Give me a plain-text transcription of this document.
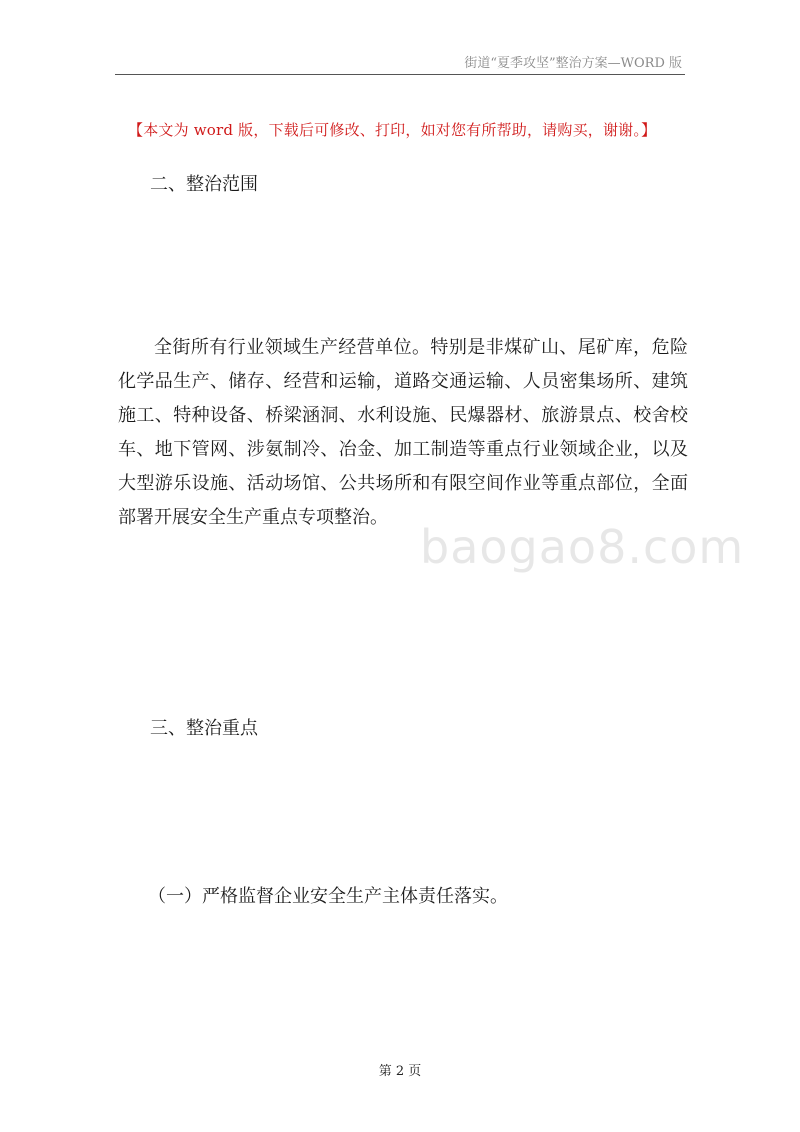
街道“夏季攻坚”整治方案—WORD 版
【本文为 word 版，下载后可修改、打印，如对您有所帮助，请购买，谢谢。】
二、整治范围

全街所有行业领域生产经营单位。特别是非煤矿山、尾矿库，危险化学品生产、储存、经营和运输，道路交通运输、人员密集场所、建筑施工、特种设备、桥梁涵洞、水利设施、民爆器材、旅游景点、校舍校车、地下管网、涉氨制冷、冶金、加工制造等重点行业领域企业，以及大型游乐设施、活动场馆、公共场所和有限空间作业等重点部位，全面部署开展安全生产重点专项整治。

baogao8.com
三、整治重点
（一）严格监督企业安全生产主体责任落实。
第 2 页
